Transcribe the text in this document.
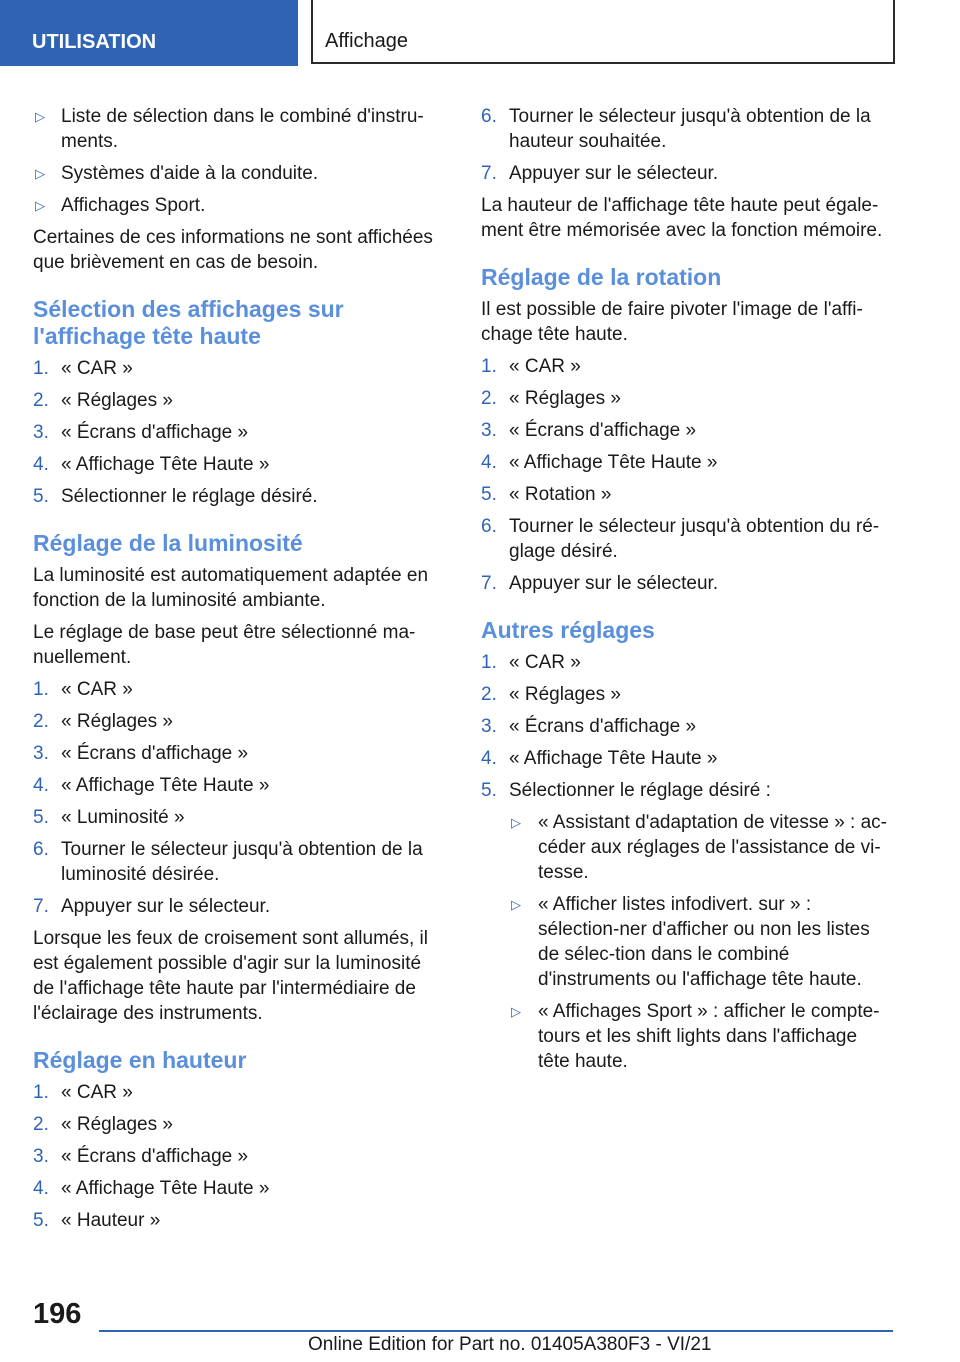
UTILISATION	Affichage
▷ Liste de sélection dans le combiné d'instru-ments.
▷ Systèmes d'aide à la conduite.
▷ Affichages Sport.

Certaines de ces informations ne sont affichées que brièvement en cas de besoin.

Sélection des affichages sur l'affichage tête haute
1. « CAR »
2. « Réglages »
3. « Écrans d'affichage »
4. « Affichage Tête Haute »
5. Sélectionner le réglage désiré.
Réglage de la luminosité

La luminosité est automatiquement adaptée en fonction de la luminosité ambiante.

Le réglage de base peut être sélectionné ma-nuellement.

1. « CAR »
2. « Réglages »
3. « Écrans d'affichage »
4. « Affichage Tête Haute »
5. « Luminosité »
6. Tourner le sélecteur jusqu'à obtention de la luminosité désirée.
7. Appuyer sur le sélecteur.

Lorsque les feux de croisement sont allumés, il est également possible d'agir sur la luminosité de l'affichage tête haute par l'intermédiaire de l'éclairage des instruments.

Réglage en hauteur
1. « CAR »
2. « Réglages »
3. « Écrans d'affichage »
4. « Affichage Tête Haute »
5. « Hauteur »
6. Tourner le sélecteur jusqu'à obtention de la hauteur souhaitée.
7. Appuyer sur le sélecteur.

La hauteur de l'affichage tête haute peut égale-ment être mémorisée avec la fonction mémoire.

Réglage de la rotation

Il est possible de faire pivoter l'image de l'affi-chage tête haute.

1. « CAR »
2. « Réglages »
3. « Écrans d'affichage »
4. « Affichage Tête Haute »
5. « Rotation »
6. Tourner le sélecteur jusqu'à obtention du ré-glage désiré.
7. Appuyer sur le sélecteur.
Autres réglages
1. « CAR »
2. « Réglages »
3. « Écrans d'affichage »
4. « Affichage Tête Haute »
5. Sélectionner le réglage désiré :
▷ « Assistant d'adaptation de vitesse » : ac-céder aux réglages de l'assistance de vi-tesse.
▷ « Afficher listes infodivert. sur » : sélection-ner d'afficher ou non les listes de sélec-tion dans le combiné d'instruments ou l'affichage tête haute.
▷ « Affichages Sport » : afficher le compte-tours et les shift lights dans l'affichage tête haute.
196
Online Edition for Part no. 01405A380F3 - VI/21
